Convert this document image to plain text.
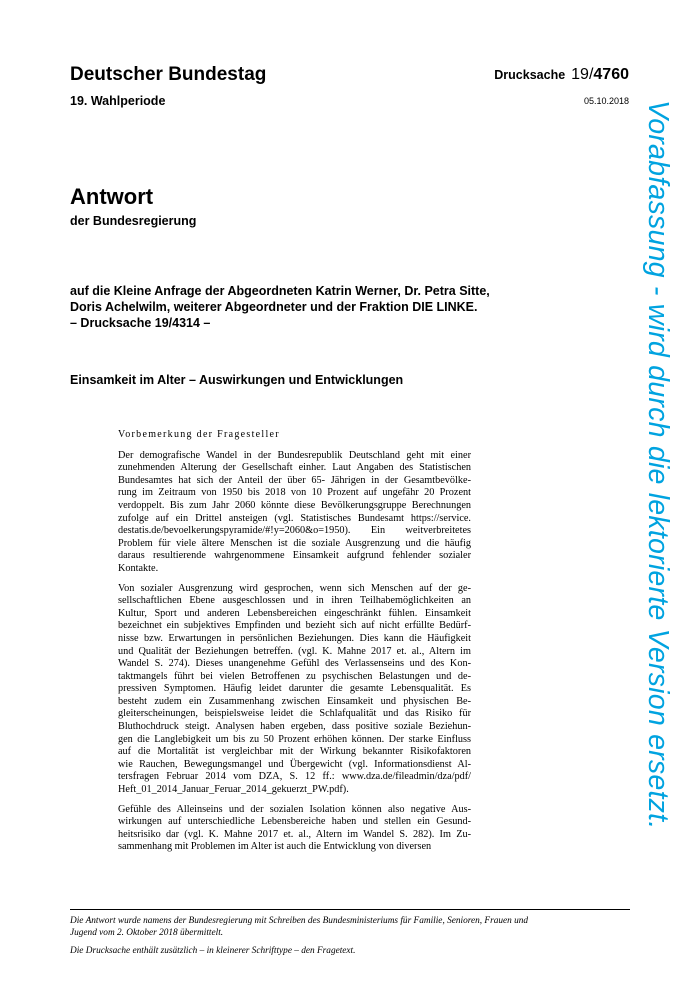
Deutscher Bundestag
19. Wahlperiode
Drucksache 19/4760
05.10.2018
Antwort
der Bundesregierung
auf die Kleine Anfrage der Abgeordneten Katrin Werner, Dr. Petra Sitte,
Doris Achelwilm, weiterer Abgeordneter und der Fraktion DIE LINKE.
– Drucksache 19/4314 –
Einsamkeit im Alter – Auswirkungen und Entwicklungen
Vorbemerkung der Fragesteller

Der demografische Wandel in der Bundesrepublik Deutschland geht mit einer
zunehmenden Alterung der Gesellschaft einher. Laut Angaben des Statistischen
Bundesamtes hat sich der Anteil der über 65- Jährigen in der Gesamtbevölke-
rung im Zeitraum von 1950 bis 2018 von 10 Prozent auf ungefähr 20 Prozent
verdoppelt. Bis zum Jahr 2060 könnte diese Bevölkerungsgruppe Berechnungen
zufolge auf ein Drittel ansteigen (vgl. Statistisches Bundesamt https://service.
destatis.de/bevoelkerungspyramide/#!y=2060&o=1950). Ein weitverbreitetes
Problem für viele ältere Menschen ist die soziale Ausgrenzung und die häufig
daraus resultierende wahrgenommene Einsamkeit aufgrund fehlender sozialer
Kontakte.

Von sozialer Ausgrenzung wird gesprochen, wenn sich Menschen auf der ge-
sellschaftlichen Ebene ausgeschlossen und in ihren Teilhabemöglichkeiten an
Kultur, Sport und anderen Lebensbereichen eingeschränkt fühlen. Einsamkeit
bezeichnet ein subjektives Empfinden und bezieht sich auf nicht erfüllte Bedürf-
nisse bzw. Erwartungen in persönlichen Beziehungen. Dies kann die Häufigkeit
und Qualität der Beziehungen betreffen. (vgl. K. Mahne 2017 et. al., Altern im
Wandel S. 274). Dieses unangenehme Gefühl des Verlassenseins und des Kon-
taktmangels führt bei vielen Betroffenen zu psychischen Belastungen und de-
pressiven Symptomen. Häufig leidet darunter die gesamte Lebensqualität. Es
besteht zudem ein Zusammenhang zwischen Einsamkeit und physischen Be-
gleiterscheinungen, beispielsweise leidet die Schlafqualität und das Risiko für
Bluthochdruck steigt. Analysen haben ergeben, dass positive soziale Beziehun-
gen die Langlebigkeit um bis zu 50 Prozent erhöhen können. Der starke Einfluss
auf die Mortalität ist vergleichbar mit der Wirkung bekannter Risikofaktoren
wie Rauchen, Bewegungsmangel und Übergewicht (vgl. Informationsdienst Al-
tersfragen Februar 2014 vom DZA, S. 12 ff.: www.dza.de/fileadmin/dza/pdf/
Heft_01_2014_Januar_Feruar_2014_gekuerzt_PW.pdf).

Gefühle des Alleinseins und der sozialen Isolation können also negative Aus-
wirkungen auf unterschiedliche Lebensbereiche haben und stellen ein Gesund-
heitsrisiko dar (vgl. K. Mahne 2017 et. al., Altern im Wandel S. 282). Im Zu-
sammenhang mit Problemen im Alter ist auch die Entwicklung von diversen

Die Antwort wurde namens der Bundesregierung mit Schreiben des Bundesministeriums für Familie, Senioren, Frauen und
Jugend vom 2. Oktober 2018 übermittelt.
Die Drucksache enthält zusätzlich – in kleinerer Schrifttype – den Fragetext.
Vorabfassung - wird durch die lektorierte Version ersetzt.
